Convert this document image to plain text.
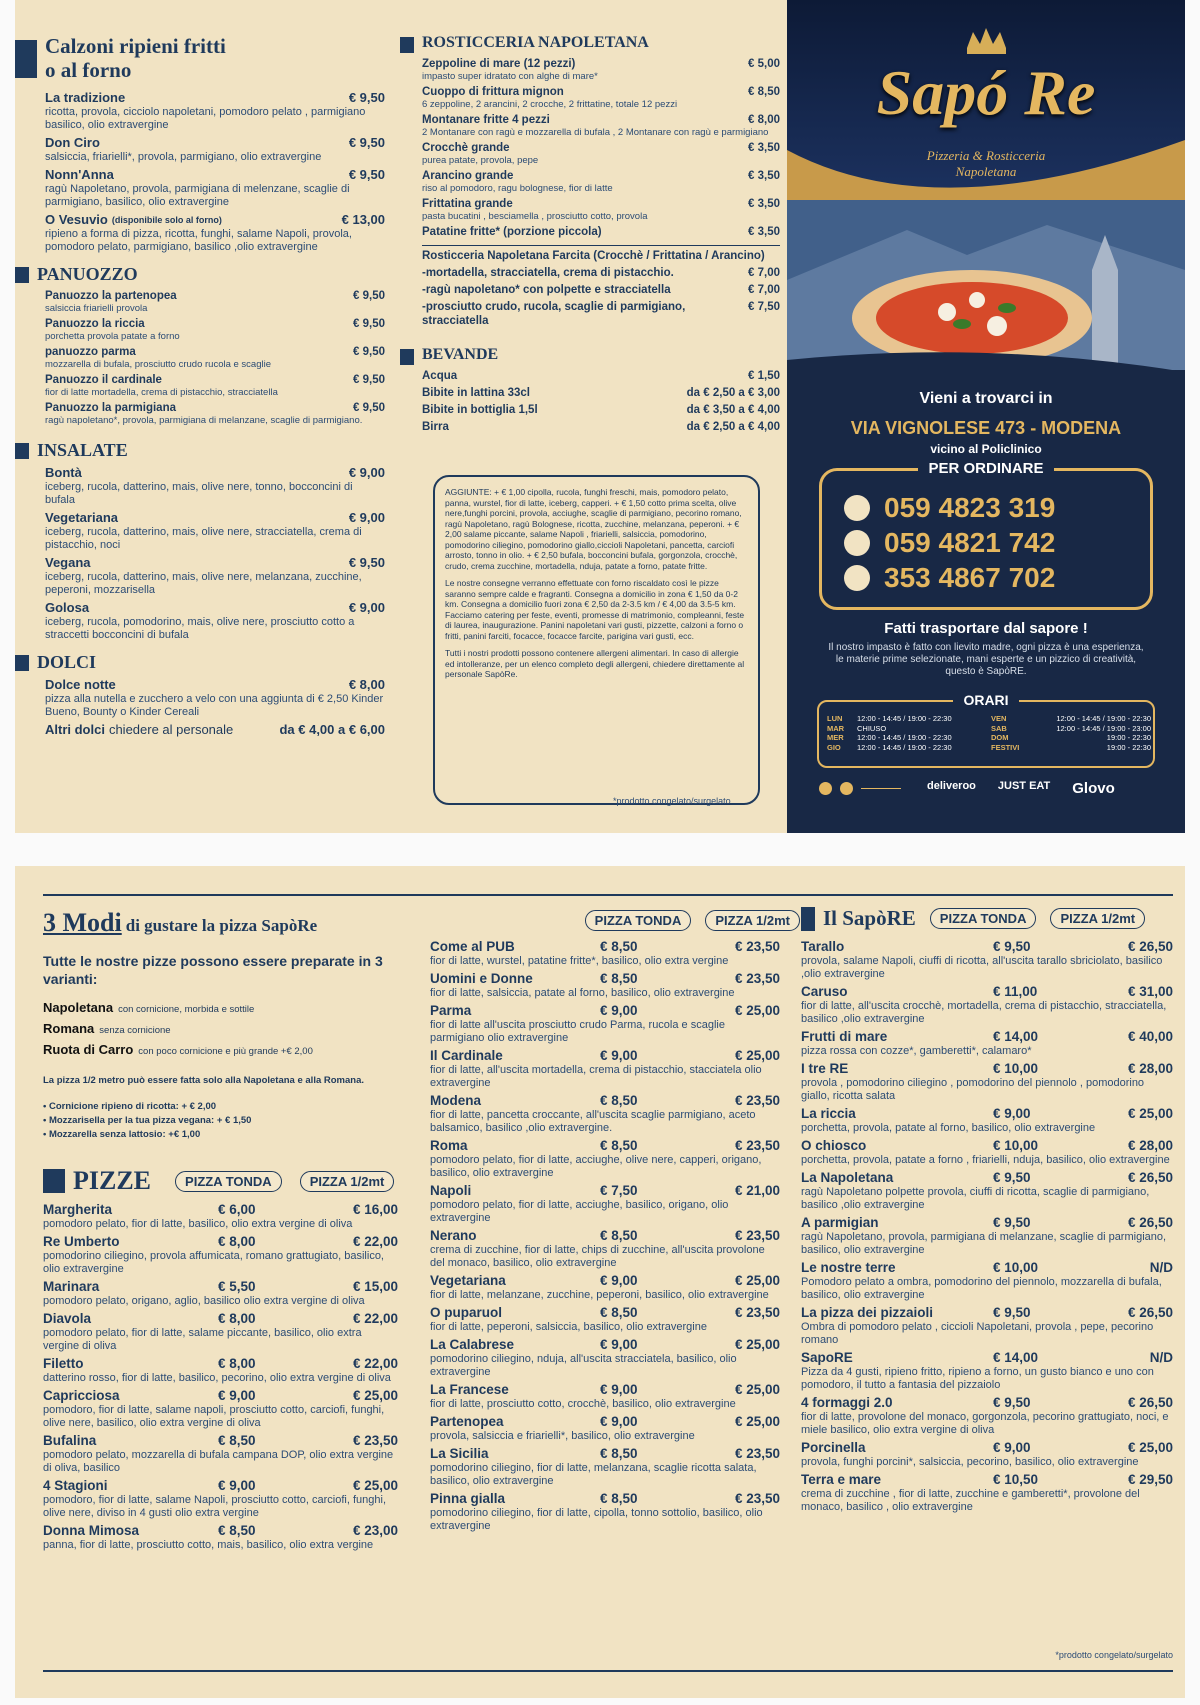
Calzoni ripieni fritti
o al forno
La tradizione	€ 9,50
ricotta, provola, cicciolo napoletani, pomodoro pelato , parmigiano basilico, olio extravergine
Don Ciro	€ 9,50
salsiccia, friarielli*, provola, parmigiano, olio extravergine
Nonn'Anna	€ 9,50
ragù Napoletano, provola, parmigiana di melenzane, scaglie di parmigiano, basilico, olio extravergine
O Vesuvio (disponibile solo al forno)	€ 13,00
ripieno a forma di pizza, ricotta, funghi, salame Napoli, provola, pomodoro pelato, parmigiano, basilico ,olio extravergine
PANUOZZO
Panuozzo la partenopea	€ 9,50
salsiccia friarielli provola
Panuozzo la riccia	€ 9,50
porchetta provola patate a forno
panuozzo parma	€ 9,50
mozzarella di bufala, prosciutto crudo rucola e scaglie
Panuozzo il cardinale	€ 9,50
fior di latte mortadella, crema di pistacchio, stracciatella
Panuozzo la parmigiana	€ 9,50
ragù napoletano*, provola, parmigiana di melanzane, scaglie di parmigiano.
INSALATE
Bontà	€ 9,00
iceberg, rucola, datterino, mais, olive nere, tonno, bocconcini di bufala
Vegetariana	€ 9,00
iceberg, rucola, datterino, mais, olive nere, stracciatella, crema di pistacchio, noci
Vegana	€ 9,50
iceberg, rucola, datterino, mais, olive nere, melanzana, zucchine, peperoni, mozzarisella
Golosa	€ 9,00
iceberg, rucola, pomodorino, mais, olive nere, prosciutto cotto a straccetti bocconcini di bufala
DOLCI
Dolce notte	€ 8,00
pizza alla nutella e zucchero a velo con una aggiunta di € 2,50 Kinder Bueno, Bounty o Kinder Cereali
Altri dolci chiedere al personale	da € 4,00 a € 6,00
ROSTICCERIA NAPOLETANA
Zeppoline di mare (12 pezzi)	€ 5,00
impasto super idratato con alghe di mare*
Cuoppo di frittura mignon	€ 8,50
6 zeppoline, 2 arancini, 2 crocche, 2 frittatine, totale 12 pezzi
Montanare fritte 4 pezzi	€ 8,00
2 Montanare con ragù e mozzarella di bufala , 2 Montanare con ragù e parmigiano
Crocchè grande	€ 3,50
purea patate, provola, pepe
Arancino grande	€ 3,50
riso al pomodoro, ragu bolognese, fior di latte
Frittatina grande	€ 3,50
pasta bucatini , besciamella , prosciutto cotto, provola
Patatine fritte* (porzione piccola)	€ 3,50
Rosticceria Napoletana Farcita (Crocchè / Frittatina / Arancino)
-mortadella, stracciatella, crema di pistacchio.	€ 7,00
-ragù napoletano* con polpette e stracciatella	€ 7,00
-prosciutto crudo, rucola, scaglie di parmigiano, stracciatella
€ 7,50
BEVANDE
Acqua	€ 1,50
Bibite in lattina 33cl	da € 2,50 a € 3,00
Bibite in bottiglia 1,5l	da € 3,50 a € 4,00
Birra	da € 2,50 a € 4,00

AGGIUNTE: + € 1,00 cipolla, rucola, funghi freschi, mais, pomodoro pelato, panna, wurstel, fior di latte, iceberg, capperi. + € 1,50 cotto prima scelta, olive nere,funghi porcini, provola, acciughe, scaglie di parmigiano, pecorino romano, ragù Napoletano, ragù Bolognese, ricotta, zucchine, melanzana, peperoni. + € 2,00 salame piccante, salame Napoli , friarielli, salsiccia, pomodorino, pomodorino ciliegino, pomodorino giallo,ciccioli Napoletani, pancetta, carciofi arrosto, tonno in olio. + € 2,50 bufala, bocconcini bufala, gorgonzola, crocchè, crudo, crema zucchine, mortadella, nduja, patate a forno, patate fritte.

Le nostre consegne verranno effettuate con forno riscaldato così le pizze saranno sempre calde e fragranti. Consegna a domicilio in zona € 1,50 da 0-2 km. Consegna a domicilio fuori zona € 2,50 da 2-3.5 km / € 4,00 da 3.5-5 km. Facciamo catering per feste, eventi, promesse di matrimonio, compleanni, feste di laurea, inaugurazione. Panini napoletani vari gusti, pizzette, calzoni a forno o fritti, panini farciti, focacce, focacce farcite, parigina vari gusti, ecc.

Tutti i nostri prodotti possono contenere allergeni alimentari. In caso di allergie ed intolleranze, per un elenco completo degli allergeni, chiedere direttamente al personale SapòRe.

*prodotto congelato/surgelato
Sapó Re
Pizzeria & Rosticceria
Napoletana
Vieni a trovarci in
VIA VIGNOLESE 473 - MODENA
vicino al Policlinico
PER ORDINARE
059 4823 319
059 4821 742
353 4867 702
Fatti trasportare dal sapore !
Il nostro impasto è fatto con lievito madre, ogni pizza è una esperienza, le materie prime selezionate, mani esperte e un pizzico di creatività, questo è SapòRE.
ORARI
LUN	12:00 - 14:45 / 19:00 - 22:30
MAR	CHIUSO
MER	12:00 - 14:45 / 19:00 - 22:30
GIO	12:00 - 14:45 / 19:00 - 22:30
VEN	12:00 - 14:45 / 19:00 - 22:30
SAB	12:00 - 14:45 / 19:00 - 23:00
DOM	19:00 - 22:30
FESTIVI	19:00 - 22:30
deliveroo JUST EAT Glovo
3 Modi di gustare la pizza SapòRe
Tutte le nostre pizze possono essere preparate in 3 varianti:
Napoletana con cornicione, morbida e sottile
Romana senza cornicione
Ruota di Carro con poco cornicione e più grande +€ 2,00
La pizza 1/2 metro può essere fatta solo alla Napoletana e alla Romana.
• Cornicione ripieno di ricotta: + € 2,00
• Mozzarisella per la tua pizza vegana: + € 1,50
• Mozzarella senza lattosio: +€ 1,00
PIZZE	PIZZA TONDA	PIZZA 1/2mt
Margherita	€ 6,00	€ 16,00
pomodoro pelato, fior di latte, basilico, olio extra vergine di oliva
Re Umberto	€ 8,00	€ 22,00
pomodorino ciliegino, provola affumicata, romano grattugiato, basilico, olio extravergine
Marinara	€ 5,50	€ 15,00
pomodoro pelato, origano, aglio, basilico olio extra vergine di oliva
Diavola	€ 8,00	€ 22,00
pomodoro pelato, fior di latte, salame piccante, basilico, olio extra vergine di oliva
Filetto	€ 8,00	€ 22,00
datterino rosso, fior di latte, basilico, pecorino, olio extra vergine di oliva
Capricciosa	€ 9,00	€ 25,00
pomodoro, fior di latte, salame napoli, prosciutto cotto, carciofi, funghi, olive nere, basilico, olio extra vergine di oliva
Bufalina	€ 8,50	€ 23,50
pomodoro pelato, mozzarella di bufala campana DOP, olio extra vergine di oliva, basilico
4 Stagioni	€ 9,00	€ 25,00
pomodoro, fior di latte, salame Napoli, prosciutto cotto, carciofi, funghi, olive nere, diviso in 4 gusti olio extra vergine
Donna Mimosa	€ 8,50	€ 23,00
panna, fior di latte, prosciutto cotto, mais, basilico, olio extra vergine
PIZZA TONDA	PIZZA 1/2mt
Come al PUB	€ 8,50	€ 23,50
fior di latte, wurstel, patatine fritte*, basilico, olio extra vergine
Uomini e Donne	€ 8,50	€ 23,50
fior di latte, salsiccia, patate al forno, basilico, olio extravergine
Parma	€ 9,00	€ 25,00
fior di latte all'uscita prosciutto crudo Parma, rucola e scaglie parmigiano olio extravergine
Il Cardinale	€ 9,00	€ 25,00
fior di latte, all'uscita mortadella, crema di pistacchio, stacciatela olio extravergine
Modena	€ 8,50	€ 23,50
fior di latte, pancetta croccante, all'uscita scaglie parmigiano, aceto balsamico, basilico ,olio extravergine.
Roma	€ 8,50	€ 23,50
pomodoro pelato, fior di latte, acciughe, olive nere, capperi, origano, basilico, olio extravergine
Napoli	€ 7,50	€ 21,00
pomodoro pelato, fior di latte, acciughe, basilico, origano, olio extravergine
Nerano	€ 8,50	€ 23,50
crema di zucchine, fior di latte, chips di zucchine, all'uscita provolone del monaco, basilico, olio extravergine
Vegetariana	€ 9,00	€ 25,00
fior di latte, melanzane, zucchine, peperoni, basilico, olio extravergine
O puparuol	€ 8,50	€ 23,50
fior di latte, peperoni, salsiccia, basilico, olio extravergine
La Calabrese	€ 9,00	€ 25,00
pomodorino ciliegino, nduja, all'uscita stracciatela, basilico, olio extravergine
La Francese	€ 9,00	€ 25,00
fior di latte, prosciutto cotto, crocchè, basilico, olio extravergine
Partenopea	€ 9,00	€ 25,00
provola, salsiccia e friarielli*, basilico, olio extravergine
La Sicilia	€ 8,50	€ 23,50
pomodorino ciliegino, fior di latte, melanzana, scaglie ricotta salata, basilico, olio extravergine
Pinna gialla	€ 8,50	€ 23,50
pomodorino ciliegino, fior di latte, cipolla, tonno sottolio, basilico, olio extravergine
Il SapòRE	PIZZA TONDA	PIZZA 1/2mt
Tarallo	€ 9,50	€ 26,50
provola, salame Napoli, ciuffi di ricotta, all'uscita tarallo sbriciolato, basilico ,olio extravergine
Caruso	€ 11,00	€ 31,00
fior di latte, all'uscita crocchè, mortadella, crema di pistacchio, stracciatella, basilico ,olio extravergine
Frutti di mare	€ 14,00	€ 40,00
pizza rossa con cozze*, gamberetti*, calamaro*
I tre RE	€ 10,00	€ 28,00
provola , pomodorino ciliegino , pomodorino del piennolo , pomodorino giallo, ricotta salata
La riccia	€ 9,00	€ 25,00
porchetta, provola, patate al forno, basilico, olio extravergine
O chiosco	€ 10,00	€ 28,00
porchetta, provola, patate a forno , friarielli, nduja, basilico, olio extravergine
La Napoletana	€ 9,50	€ 26,50
ragù Napoletano polpette provola, ciuffi di ricotta, scaglie di parmigiano, basilico ,olio extravergine
A parmigian	€ 9,50	€ 26,50
ragù Napoletano, provola, parmigiana di melanzane, scaglie di parmigiano, basilico, olio extravergine
Le nostre terre	€ 10,00	N/D
Pomodoro pelato a ombra, pomodorino del piennolo, mozzarella di bufala, basilico, olio extravergine
La pizza dei pizzaioli	€ 9,50	€ 26,50
Ombra di pomodoro pelato , ciccioli Napoletani, provola , pepe, pecorino romano
SapoRE	€ 14,00	N/D
Pizza da 4 gusti, ripieno fritto, ripieno a forno, un gusto bianco e uno con pomodoro, il tutto a fantasia del pizzaiolo
4 formaggi 2.0	€ 9,50	€ 26,50
fior di latte, provolone del monaco, gorgonzola, pecorino grattugiato, noci, e miele basilico, olio extra vergine di oliva
Porcinella	€ 9,00	€ 25,00
provola, funghi porcini*, salsiccia, pecorino, basilico, olio extravergine
Terra e mare	€ 10,50	€ 29,50
crema di zucchine , fior di latte, zucchine e gamberetti*, provolone del monaco, basilico , olio extravergine
*prodotto congelato/surgelato
